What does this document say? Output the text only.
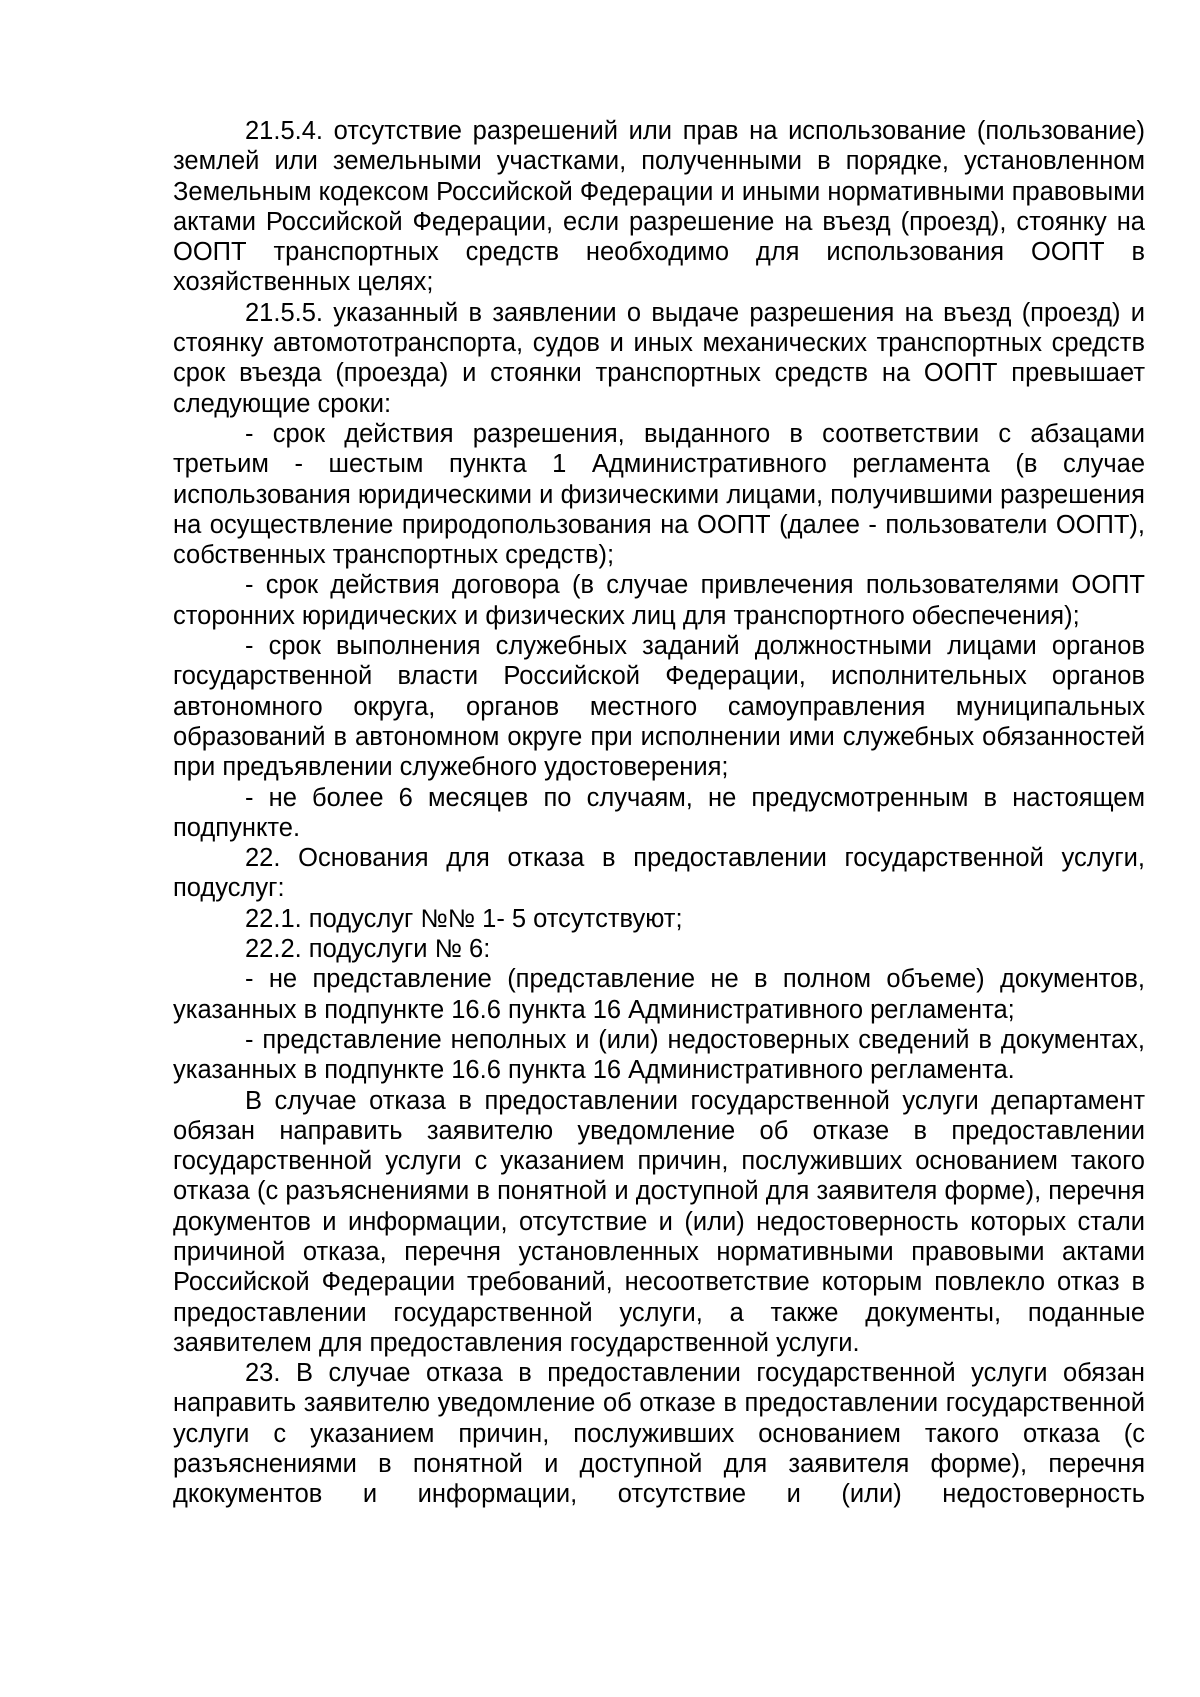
21.5.4. отсутствие разрешений или прав на использование (пользование) землей или земельными участками, полученными в порядке, установленном Земельным кодексом Российской Федерации и иными нормативными правовыми актами Российской Федерации, если разрешение на въезд (проезд), стоянку на ООПТ транспортных средств необходимо для использования ООПТ в хозяйственных целях;

21.5.5. указанный в заявлении о выдаче разрешения на въезд (проезд) и стоянку автомототранспорта, судов и иных механических транспортных средств срок въезда (проезда) и стоянки транспортных средств на ООПТ превышает следующие сроки:

- срок действия разрешения, выданного в соответствии с абзацами третьим - шестым пункта 1 Административного регламента (в случае использования юридическими и физическими лицами, получившими разрешения на осуществление природопользования на ООПТ (далее - пользователи ООПТ), собственных транспортных средств);

- срок действия договора (в случае привлечения пользователями ООПТ сторонних юридических и физических лиц для транспортного обеспечения);

- срок выполнения служебных заданий должностными лицами органов государственной власти Российской Федерации, исполнительных органов автономного округа, органов местного самоуправления муниципальных образований в автономном округе при исполнении ими служебных обязанностей при предъявлении служебного удостоверения;

- не более 6 месяцев по случаям, не предусмотренным в настоящем подпункте.

22. Основания для отказа в предоставлении государственной услуги, подуслуг:

22.1. подуслуг №№ 1- 5 отсутствуют;

22.2. подуслуги № 6:

- не представление (представление не в полном объеме) документов, указанных в подпункте 16.6 пункта 16 Административного регламента;

- представление неполных и (или) недостоверных сведений в документах, указанных в подпункте 16.6 пункта 16 Административного регламента.

В случае отказа в предоставлении государственной услуги департамент обязан направить заявителю уведомление об отказе в предоставлении государственной услуги с указанием причин, послуживших основанием такого отказа (с разъяснениями в понятной и доступной для заявителя форме), перечня документов и информации, отсутствие и (или) недостоверность которых стали причиной отказа, перечня установленных нормативными правовыми актами Российской Федерации требований, несоответствие которым повлекло отказ в предоставлении государственной услуги, а также документы, поданные заявителем для предоставления государственной услуги.

23. В случае отказа в предоставлении государственной услуги обязан направить заявителю уведомление об отказе в предоставлении государственной услуги с указанием причин, послуживших основанием такого отказа (с разъяснениями в понятной и доступной для заявителя форме), перечня дкокументов и информации, отсутствие и (или) недостоверность
